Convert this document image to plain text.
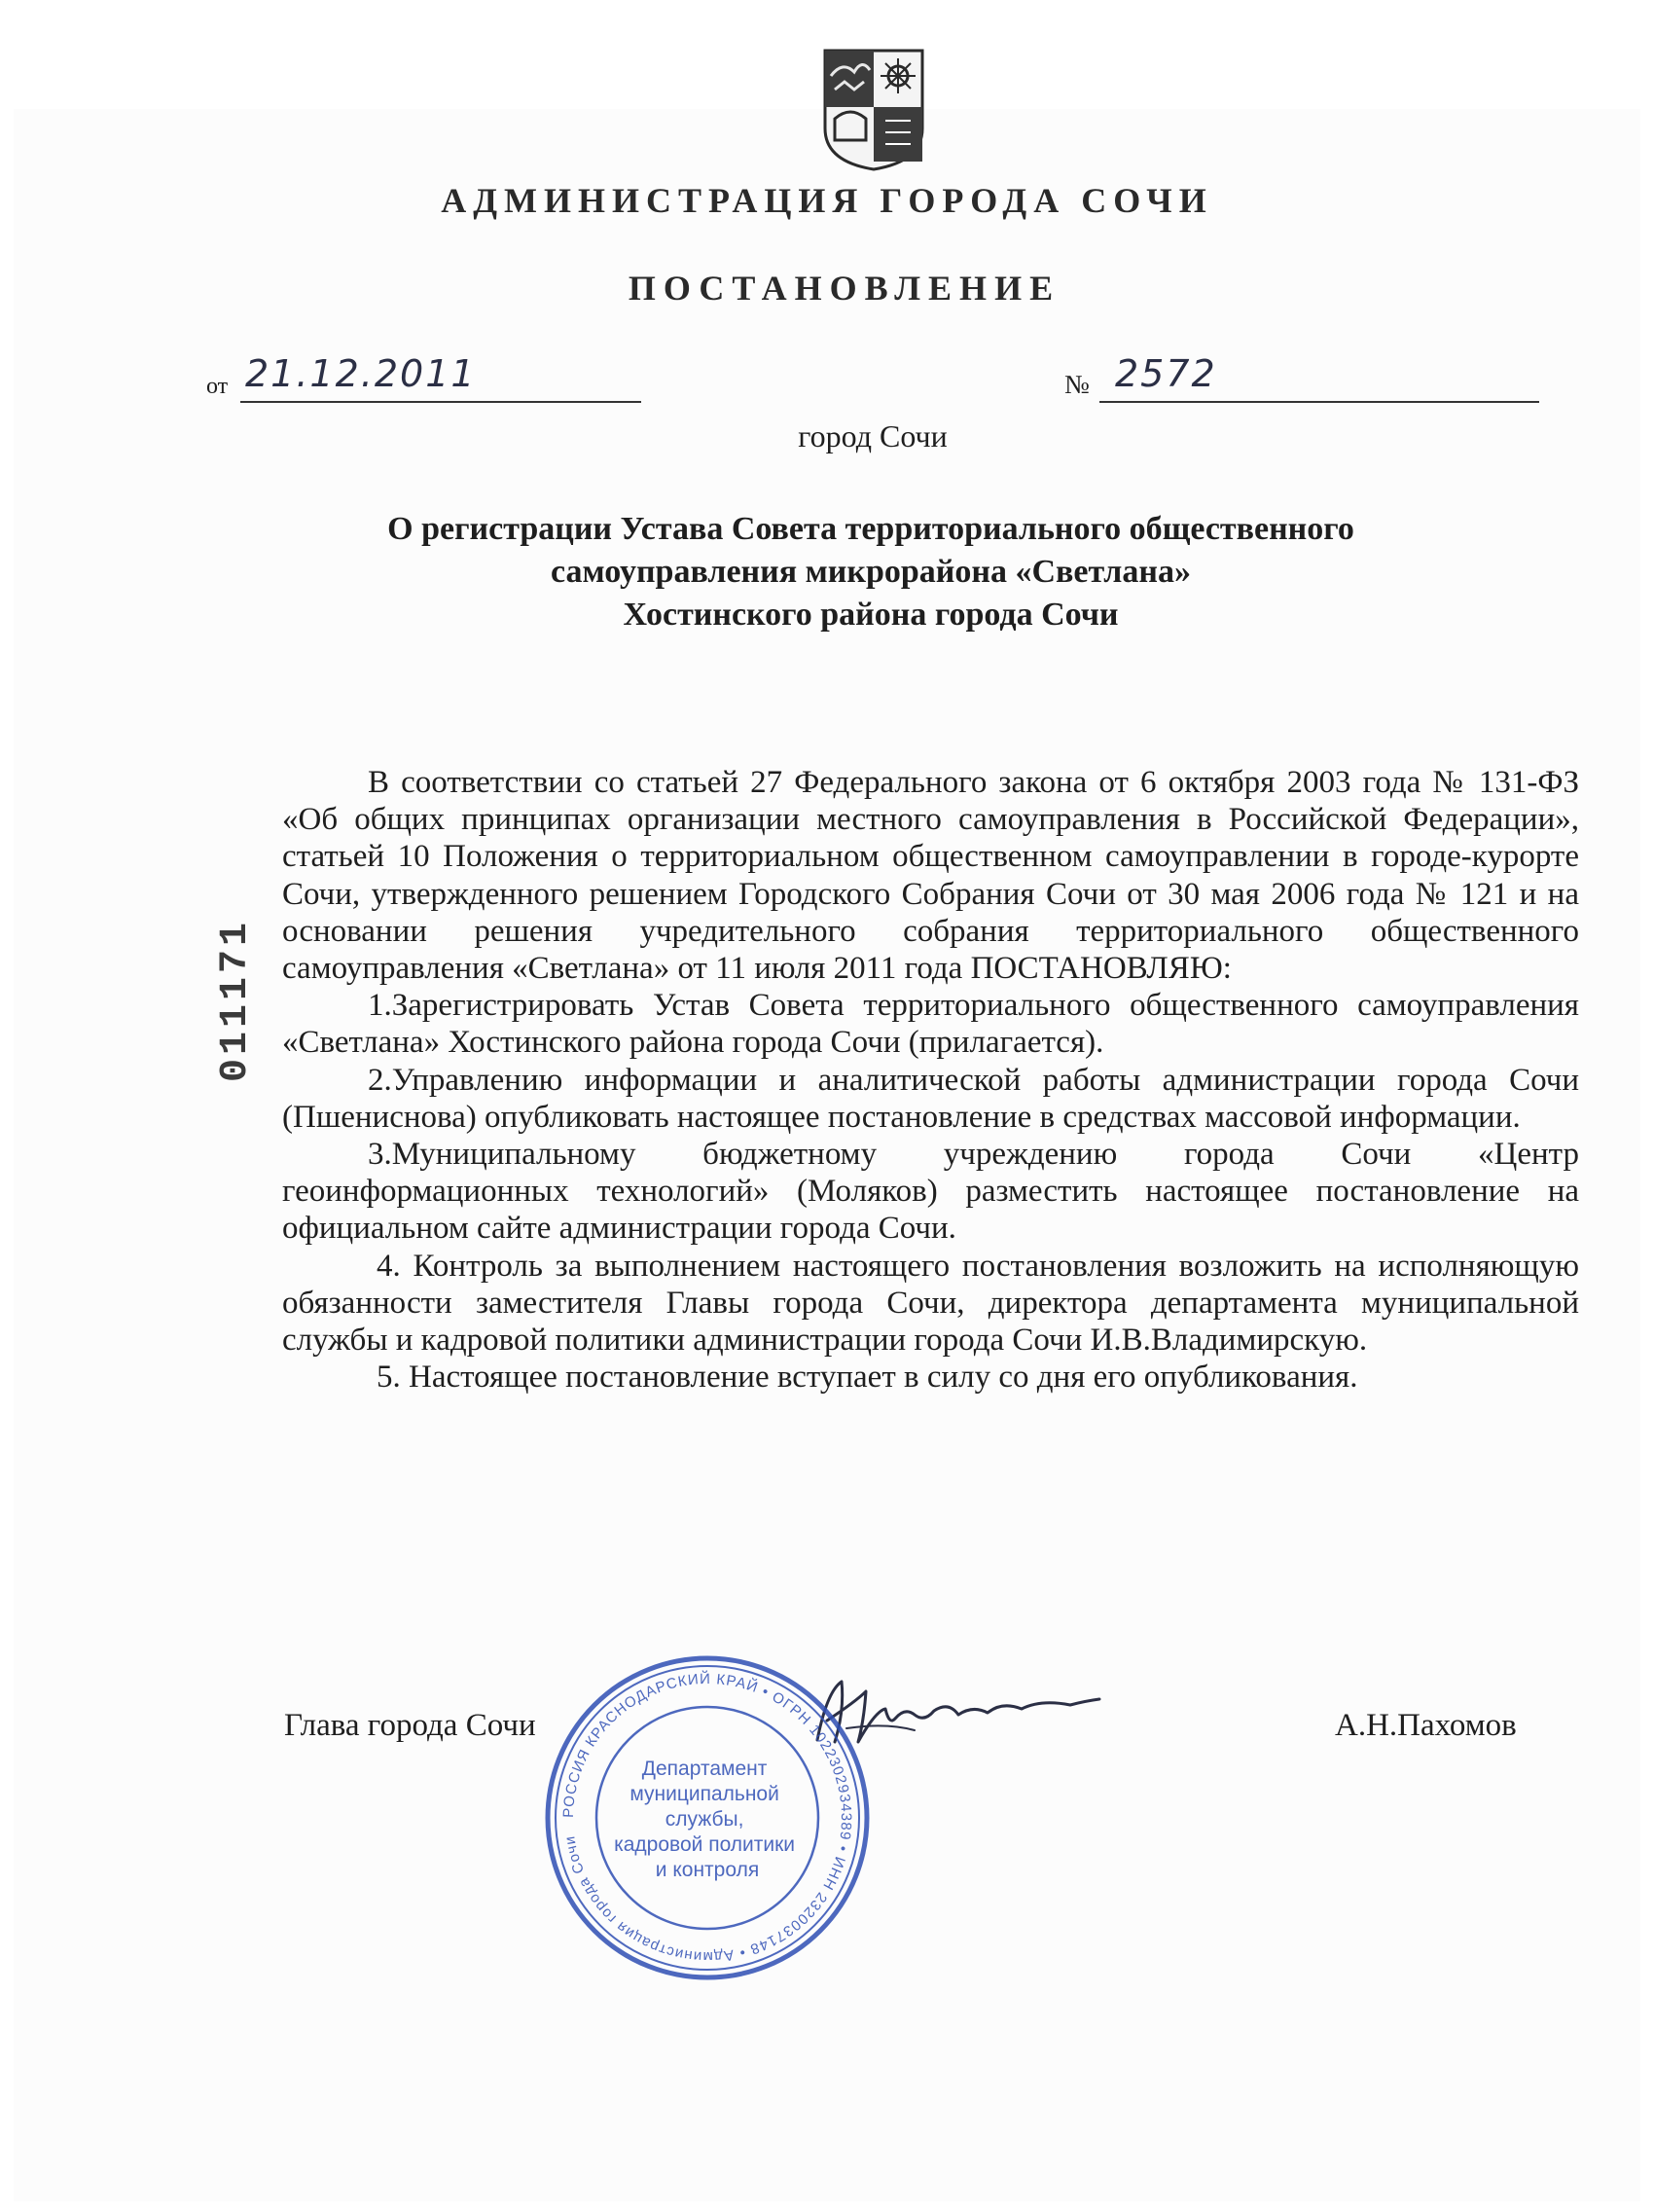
АДМИНИСТРАЦИЯ ГОРОДА СОЧИ
ПОСТАНОВЛЕНИЕ
от 21.12.2011	№ 2572
город Сочи
О регистрации Устава Совета территориального общественного
самоуправления микрорайона «Светлана»
Хостинского района города Сочи
011171

В соответствии со статьей 27 Федерального закона от 6 октября 2003 года № 131-ФЗ «Об общих принципах организации местного самоуправления в Российской Федерации», статьей 10 Положения о территориальном общественном самоуправлении в городе-курорте Сочи, утвержденного решением Городского Собрания Сочи от 30 мая 2006 года № 121 и на основании решения учредительного собрания территориального общественного самоуправления «Светлана» от 11 июля 2011 года ПОСТАНОВЛЯЮ:

1.Зарегистрировать Устав Совета территориального общественного самоуправления «Светлана» Хостинского района города Сочи (прилагается).

2.Управлению информации и аналитической работы администрации города Сочи (Пшениснова) опубликовать настоящее постановление в средствах массовой информации.

3.Муниципальному бюджетному учреждению города Сочи «Центр геоинформационных технологий» (Моляков) разместить настоящее постановление на официальном сайте администрации города Сочи.

4. Контроль за выполнением настоящего постановления возложить на исполняющую обязанности заместителя Главы города Сочи, директора департамента муниципальной службы и кадровой политики администрации города Сочи И.В.Владимирскую.

5. Настоящее постановление вступает в силу со дня его опубликования.

Глава города Сочи	А.Н.Пахомов
РОССИЯ КРАСНОДАРСКИЙ КРАЙ • ОГРН 1022302934389 • ИНН 2320037148 • Администрация города Сочи
Департамент муниципальной службы, кадровой политики и контроля
